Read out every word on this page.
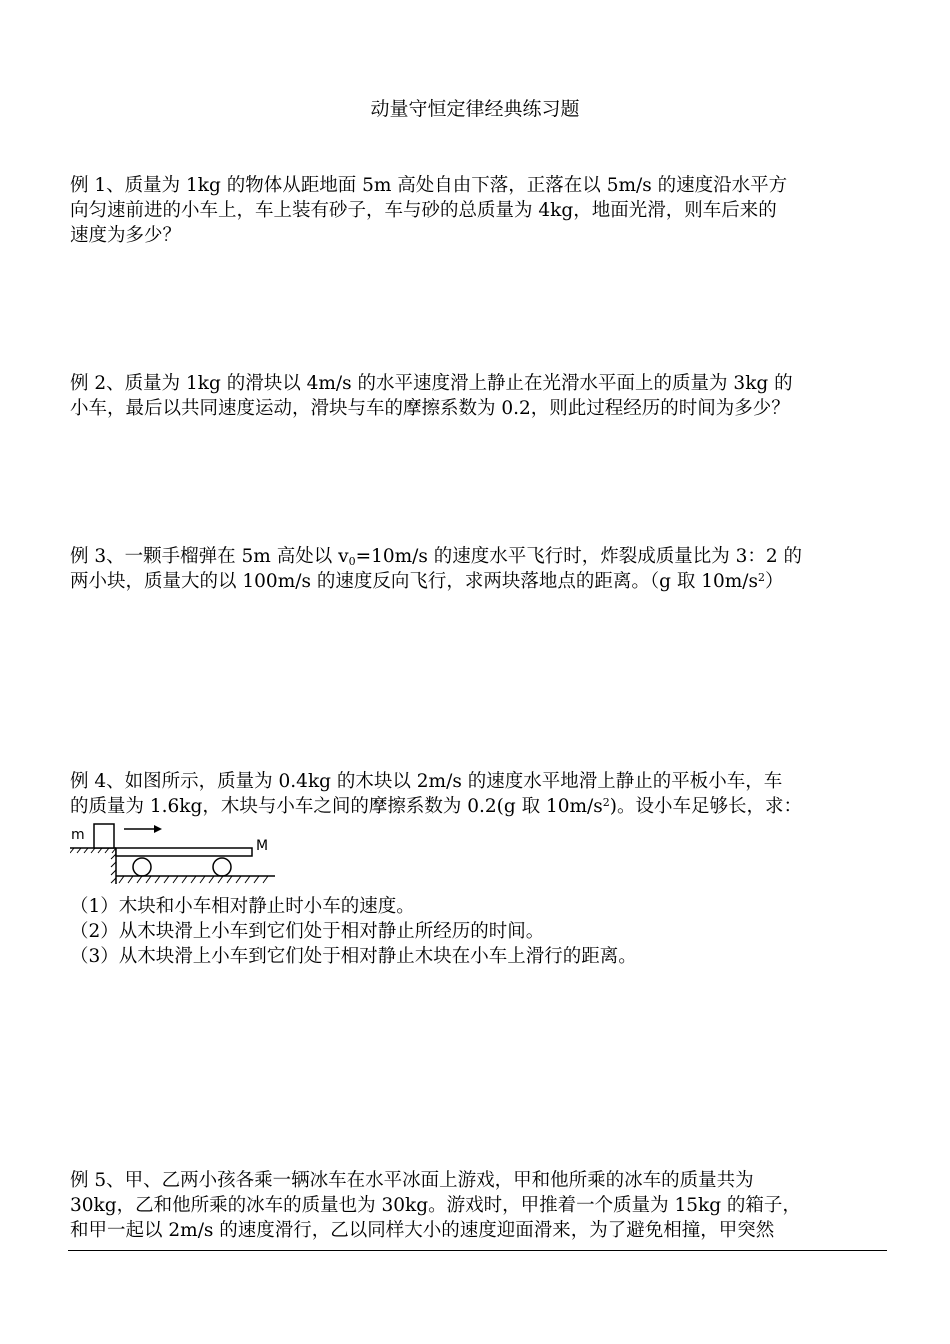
动量守恒定律经典练习题

例 1、质量为 1kg 的物体从距地面 5m 高处自由下落，正落在以 5m/s 的速度沿水平方

向匀速前进的小车上，车上装有砂子，车与砂的总质量为 4kg，地面光滑，则车后来的

速度为多少？

例 2、质量为 1kg 的滑块以 4m/s 的水平速度滑上静止在光滑水平面上的质量为 3kg 的

小车，最后以共同速度运动，滑块与车的摩擦系数为 0.2，则此过程经历的时间为多少？

例 3、一颗手榴弹在 5m 高处以 $v_0=10m/s$ 的速度水平飞行时，炸裂成质量比为 3：2 的

两小块，质量大的以 100m/s 的速度反向飞行，求两块落地点的距离。（g 取 $10m/s^2$）

例 4、如图所示，质量为 0.4kg 的木块以 2m/s 的速度水平地滑上静止的平板小车，车

的质量为 1.6kg，木块与小车之间的摩擦系数为 0.2(g 取 $10m/s^2$)。设小车足够长，求：

m
M

（1）木块和小车相对静止时小车的速度。

（2）从木块滑上小车到它们处于相对静止所经历的时间。

（3）从木块滑上小车到它们处于相对静止木块在小车上滑行的距离。

例 5、甲、乙两小孩各乘一辆冰车在水平冰面上游戏，甲和他所乘的冰车的质量共为

30kg，乙和他所乘的冰车的质量也为 30kg。游戏时，甲推着一个质量为 15kg 的箱子，

和甲一起以 2m/s 的速度滑行，乙以同样大小的速度迎面滑来，为了避免相撞，甲突然
